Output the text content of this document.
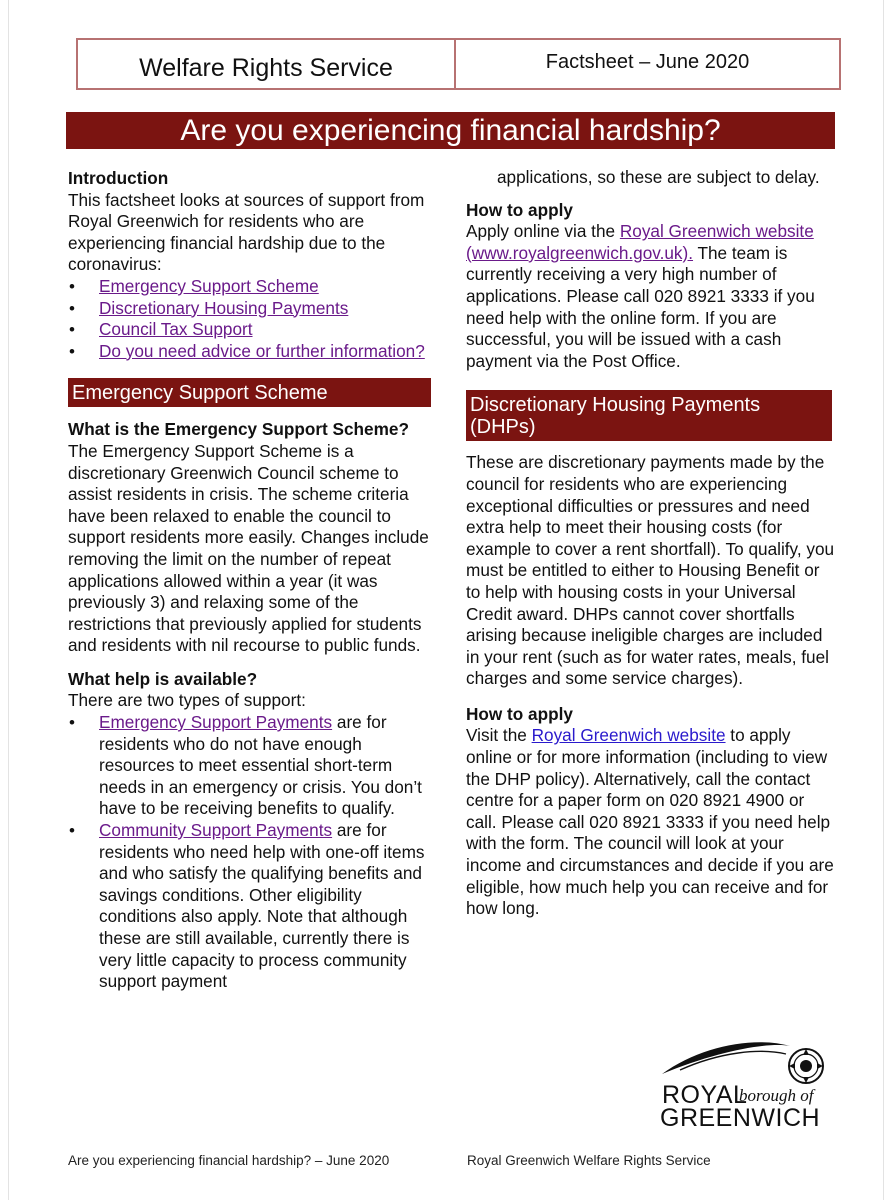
Welfare Rights Service	Factsheet – June 2020
Are you experiencing financial hardship?
Introduction

This factsheet looks at sources of support from Royal Greenwich for residents who are experiencing financial hardship due to the coronavirus:

• Emergency Support Scheme
• Discretionary Housing Payments
• Council Tax Support
• Do you need advice or further information?
Emergency Support Scheme
What is the Emergency Support Scheme?

The Emergency Support Scheme is a discretionary Greenwich Council scheme to assist residents in crisis. The scheme criteria have been relaxed to enable the council to support residents more easily. Changes include removing the limit on the number of repeat applications allowed within a year (it was previously 3) and relaxing some of the restrictions that previously applied for students and residents with nil recourse to public funds.

What help is available?

There are two types of support:

• Emergency Support Payments are for residents who do not have enough resources to meet essential short-term needs in an emergency or crisis. You don’t have to be receiving benefits to qualify.
• Community Support Payments are for residents who need help with one-off items and who satisfy the qualifying benefits and savings conditions. Other eligibility conditions also apply. Note that although these are still available, currently there is very little capacity to process community support payment

applications, so these are subject to delay.

How to apply

Apply online via the Royal Greenwich website (www.royalgreenwich.gov.uk). The team is currently receiving a very high number of applications. Please call 020 8921 3333 if you need help with the online form. If you are successful, you will be issued with a cash payment via the Post Office.

Discretionary Housing Payments (DHPs)

These are discretionary payments made by the council for residents who are experiencing exceptional difficulties or pressures and need extra help to meet their housing costs (for example to cover a rent shortfall). To qualify, you must be entitled to either to Housing Benefit or to help with housing costs in your Universal Credit award. DHPs cannot cover shortfalls arising because ineligible charges are included in your rent (such as for water rates, meals, fuel charges and some service charges).

How to apply

Visit the Royal Greenwich website to apply online or for more information (including to view the DHP policy). Alternatively, call the contact centre for a paper form on 020 8921 4900 or call. Please call 020 8921 3333 if you need help with the form. The council will look at your income and circumstances and decide if you are eligible, how much help you can receive and for how long.

ROYAL
borough of
GREENWICH
Are you experiencing financial hardship? – June 2020	Royal Greenwich Welfare Rights Service
